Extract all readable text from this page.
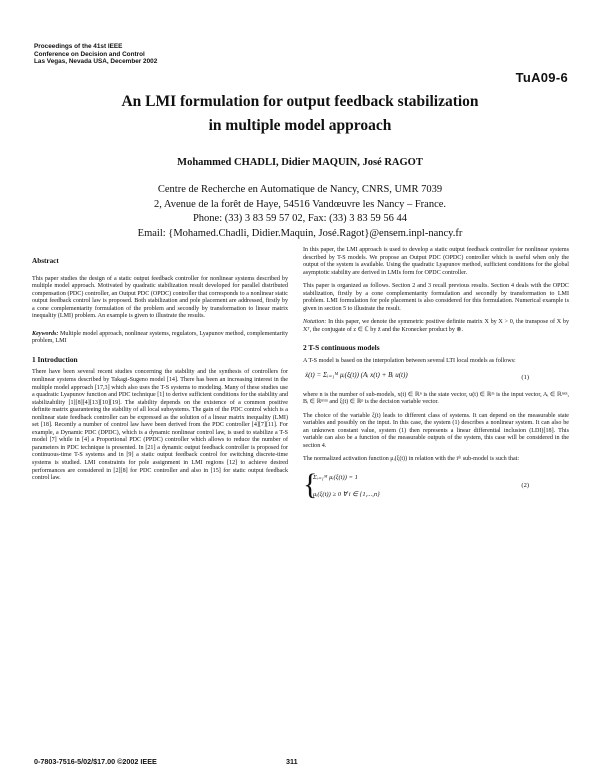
Proceedings of the 41st IEEE
Conference on Decision and Control
Las Vegas, Nevada USA, December 2002
TuA09-6
An LMI formulation for output feedback stabilization
in multiple model approach
Mohammed CHADLI, Didier MAQUIN, José RAGOT
Centre de Recherche en Automatique de Nancy, CNRS, UMR 7039
2, Avenue de la forêt de Haye, 54516 Vandœuvre les Nancy – France.
Phone: (33) 3 83 59 57 02, Fax: (33) 3 83 59 56 44
Email: {Mohamed.Chadli, Didier.Maquin, José.Ragot}@ensem.inpl-nancy.fr
Abstract

This paper studies the design of a static output feedback controller for nonlinear systems described by multiple model approach. Motivated by quadratic stabilization result developed for parallel distributed compensation (PDC) controller, an Output PDC (OPDC) controller that corresponds to a nonlinear static output feedback control law is proposed. Both stabilization and pole placement are addressed, firstly by a cone complementarity formulation of the problem and secondly by transformation to linear matrix inequality (LMI) problem. An example is given to illustrate the results.

Keywords: Multiple model approach, nonlinear systems, regulators, Lyapunov method, complementarity problem, LMI

1 Introduction

There have been several recent studies concerning the stability and the synthesis of controllers for nonlinear systems described by Takagi-Sugeno model [14]. There has been an increasing interest in the multiple model approach [17,3] which also uses the T-S systems to modeling. Many of these studies use a quadratic Lyapunov function and PDC technique [1] to derive sufficient conditions for the stability and stabilizability [1][8][4][13][10][19]. The stability depends on the existence of a common positive definite matrix guaranteeing the stability of all local subsystems. The gain of the PDC control which is a nonlinear state feedback controller can be expressed as the solution of a linear matrix inequality (LMI) set [18]. Recently a number of control law have been derived from the PDC controller [4][7][11]. For example, a Dynamic PDC (DPDC), which is a dynamic nonlinear control law, is used to stabilize a T-S model [7] while in [4] a Proportional PDC (PPDC) controller which allows to reduce the number of parameters in PDC technique is presented. In [21] a dynamic output feedback controller is proposed for continuous-time T-S systems and in [9] a static output feedback control for switching discrete-time systems is studied. LMI constraints for pole assignment in LMI regions [12] to achieve desired performances are considered in [2][8] for PDC controller and also in [15] for static output feedback control law.

In this paper, the LMI approach is used to develop a static output feedback controller for nonlinear systems described by T-S models. We propose an Output PDC (OPDC) controller which is useful when only the output of the system is available. Using the quadratic Lyapunov method, sufficient conditions for the global asymptotic stability are derived in LMIs form for OPDC controller.

This paper is organized as follows. Section 2 and 3 recall previous results. Section 4 deals with the OPDC stabilization, firstly by a cone complementarity formulation and secondly by transformation to LMI problem. LMI formulation for pole placement is also considered for this formulation. Numerical example is given in section 5 to illustrate the result.

Notation: In this paper, we denote the symmetric positive definite matrix X by X > 0, the transpose of X by Xᵀ, the conjugate of z ∈ ℂ by z̄ and the Kronecker product by ⊗.

2 T-S continuous models

A T-S model is based on the interpolation between several LTI local models as follows:

ẋ(t) = Σᵢ₌₁ᴹ μᵢ(ξ(t)) (Aᵢ x(t) + Bᵢ u(t))	(1)

where n is the number of sub-models, x(t) ∈ ℝⁿ is the state vector, u(t) ∈ ℝᵐ is the input vector, Aᵢ ∈ ℝⁿˣⁿ, Bᵢ ∈ ℝⁿˣᵐ and ξ(t) ∈ ℝᵖ is the decision variable vector.

The choice of the variable ξ(t) leads to different class of systems. It can depend on the measurable state variables and possibly on the input. In this case, the system (1) describes a nonlinear system. It can also be an unknown constant value, system (1) then represents a linear differential inclusion (LDI)[18]. This variable can also be a function of the measurable outputs of the system, this case will be considered in the section 4.

The normalized activation function μᵢ(ξ(t)) in relation with the iᵗʰ sub-model is such that:

{
Σᵢ₌₁ᴹ μᵢ(ξ(t)) = 1
μᵢ(ξ(t)) ≥ 0 ∀ i ∈ {1,...,n}
(2)
0-7803-7516-5/02/$17.00 ©2002 IEEE	311
